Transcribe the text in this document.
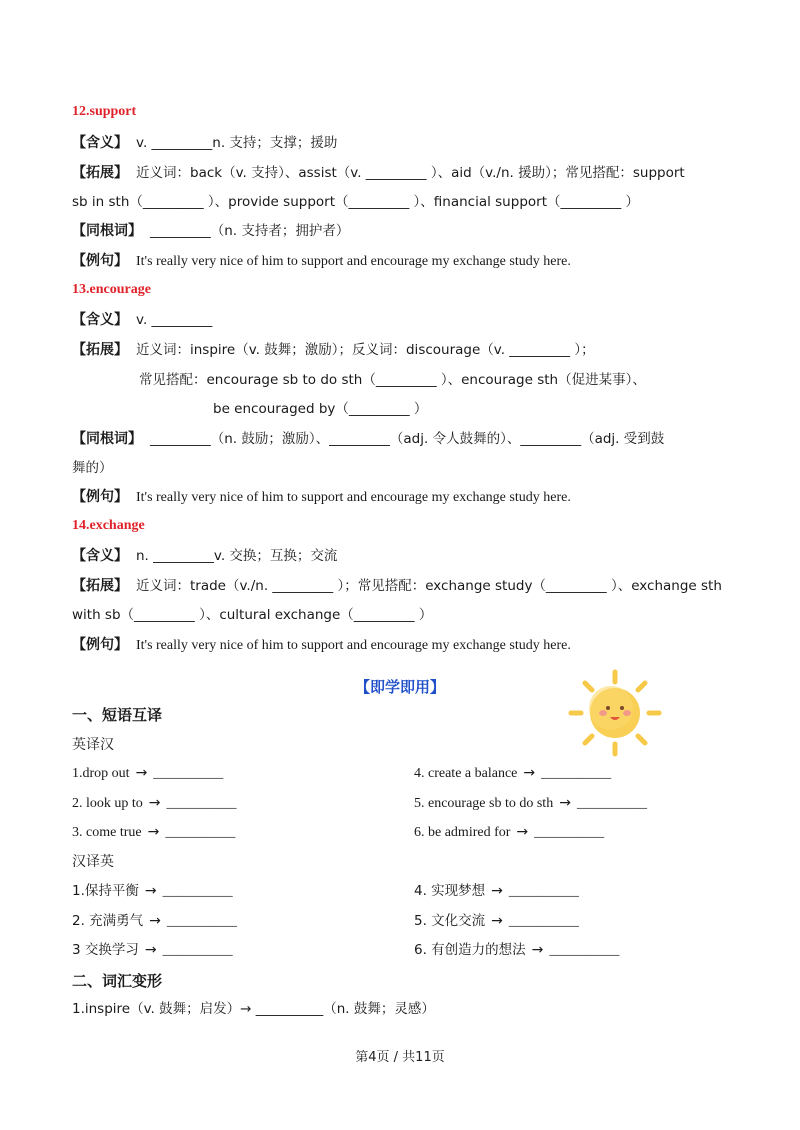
12.support
【含义】 v. _________n. 支持；支撑；援助
【拓展】 近义词：back（v. 支持）、assist（v. _________ ）、aid（v./n. 援助）；常见搭配：support
sb in sth（_________ ）、provide support（_________ ）、financial support（_________ ）
【同根词】 _________（n. 支持者；拥护者）
【例句】 It's really very nice of him to support and encourage my exchange study here.
13.encourage
【含义】 v. _________
【拓展】 近义词：inspire（v. 鼓舞；激励）；反义词：discourage（v. _________ ）；
常见搭配：encourage sb to do sth（_________ ）、encourage sth（促进某事）、
be encouraged by（_________ ）
【同根词】 _________（n. 鼓励；激励）、_________（adj. 令人鼓舞的）、_________（adj. 受到鼓
舞的）
【例句】 It's really very nice of him to support and encourage my exchange study here.
14.exchange
【含义】 n. _________v. 交换；互换；交流
【拓展】 近义词：trade（v./n. _________ ）；常见搭配：exchange study（_________ ）、exchange sth
with sb（_________ ）、cultural exchange（_________ ）
【例句】 It's really very nice of him to support and encourage my exchange study here.
【即学即用】
一、短语互译
英译汉
1.drop out → __________
2. look up to → __________
3. come true → __________
4. create a balance → __________
5. encourage sb to do sth → __________
6. be admired for → __________
汉译英
1.保持平衡 → __________
2. 充满勇气 → __________
3 交换学习 → __________
4. 实现梦想 → __________
5. 文化交流 → __________
6. 有创造力的想法 → __________
二、词汇变形
1.inspire（v. 鼓舞；启发）→ __________（n. 鼓舞；灵感）
第4页 / 共11页
